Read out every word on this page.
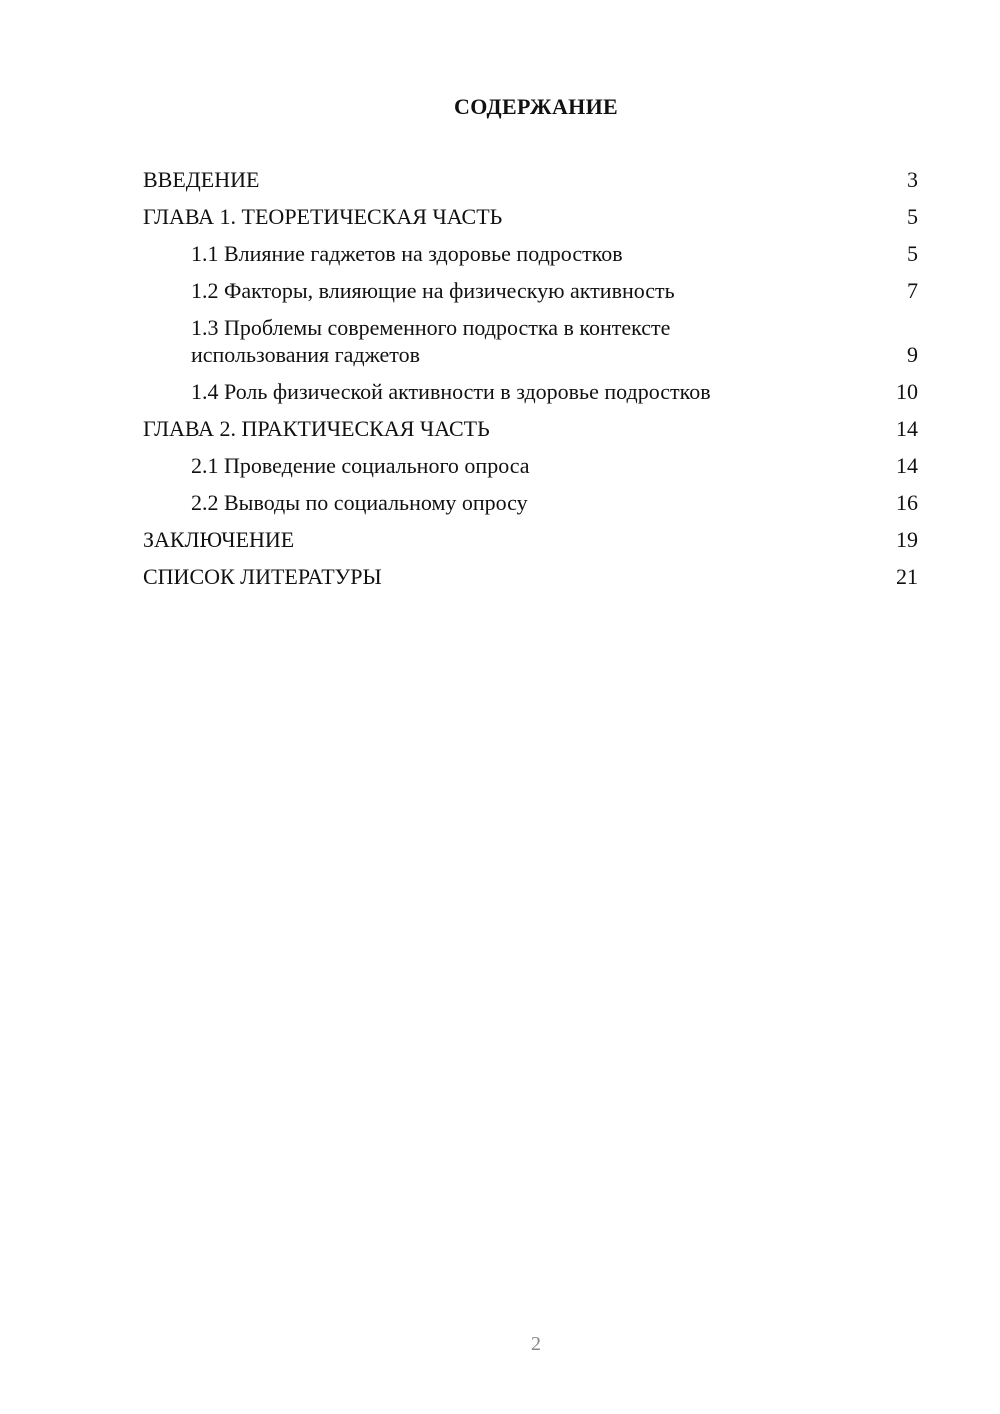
СОДЕРЖАНИЕ
ВВЕДЕНИЕ	3
ГЛАВА 1. ТЕОРЕТИЧЕСКАЯ ЧАСТЬ	5
1.1 Влияние гаджетов на здоровье подростков	5
1.2 Факторы, влияющие на физическую активность	7
1.3 Проблемы современного подростка в контексте использования гаджетов	9
1.4 Роль физической активности в здоровье подростков	10
ГЛАВА 2. ПРАКТИЧЕСКАЯ ЧАСТЬ	14
2.1 Проведение социального опроса	14
2.2 Выводы по социальному опросу	16
ЗАКЛЮЧЕНИЕ	19
СПИСОК ЛИТЕРАТУРЫ	21
2
